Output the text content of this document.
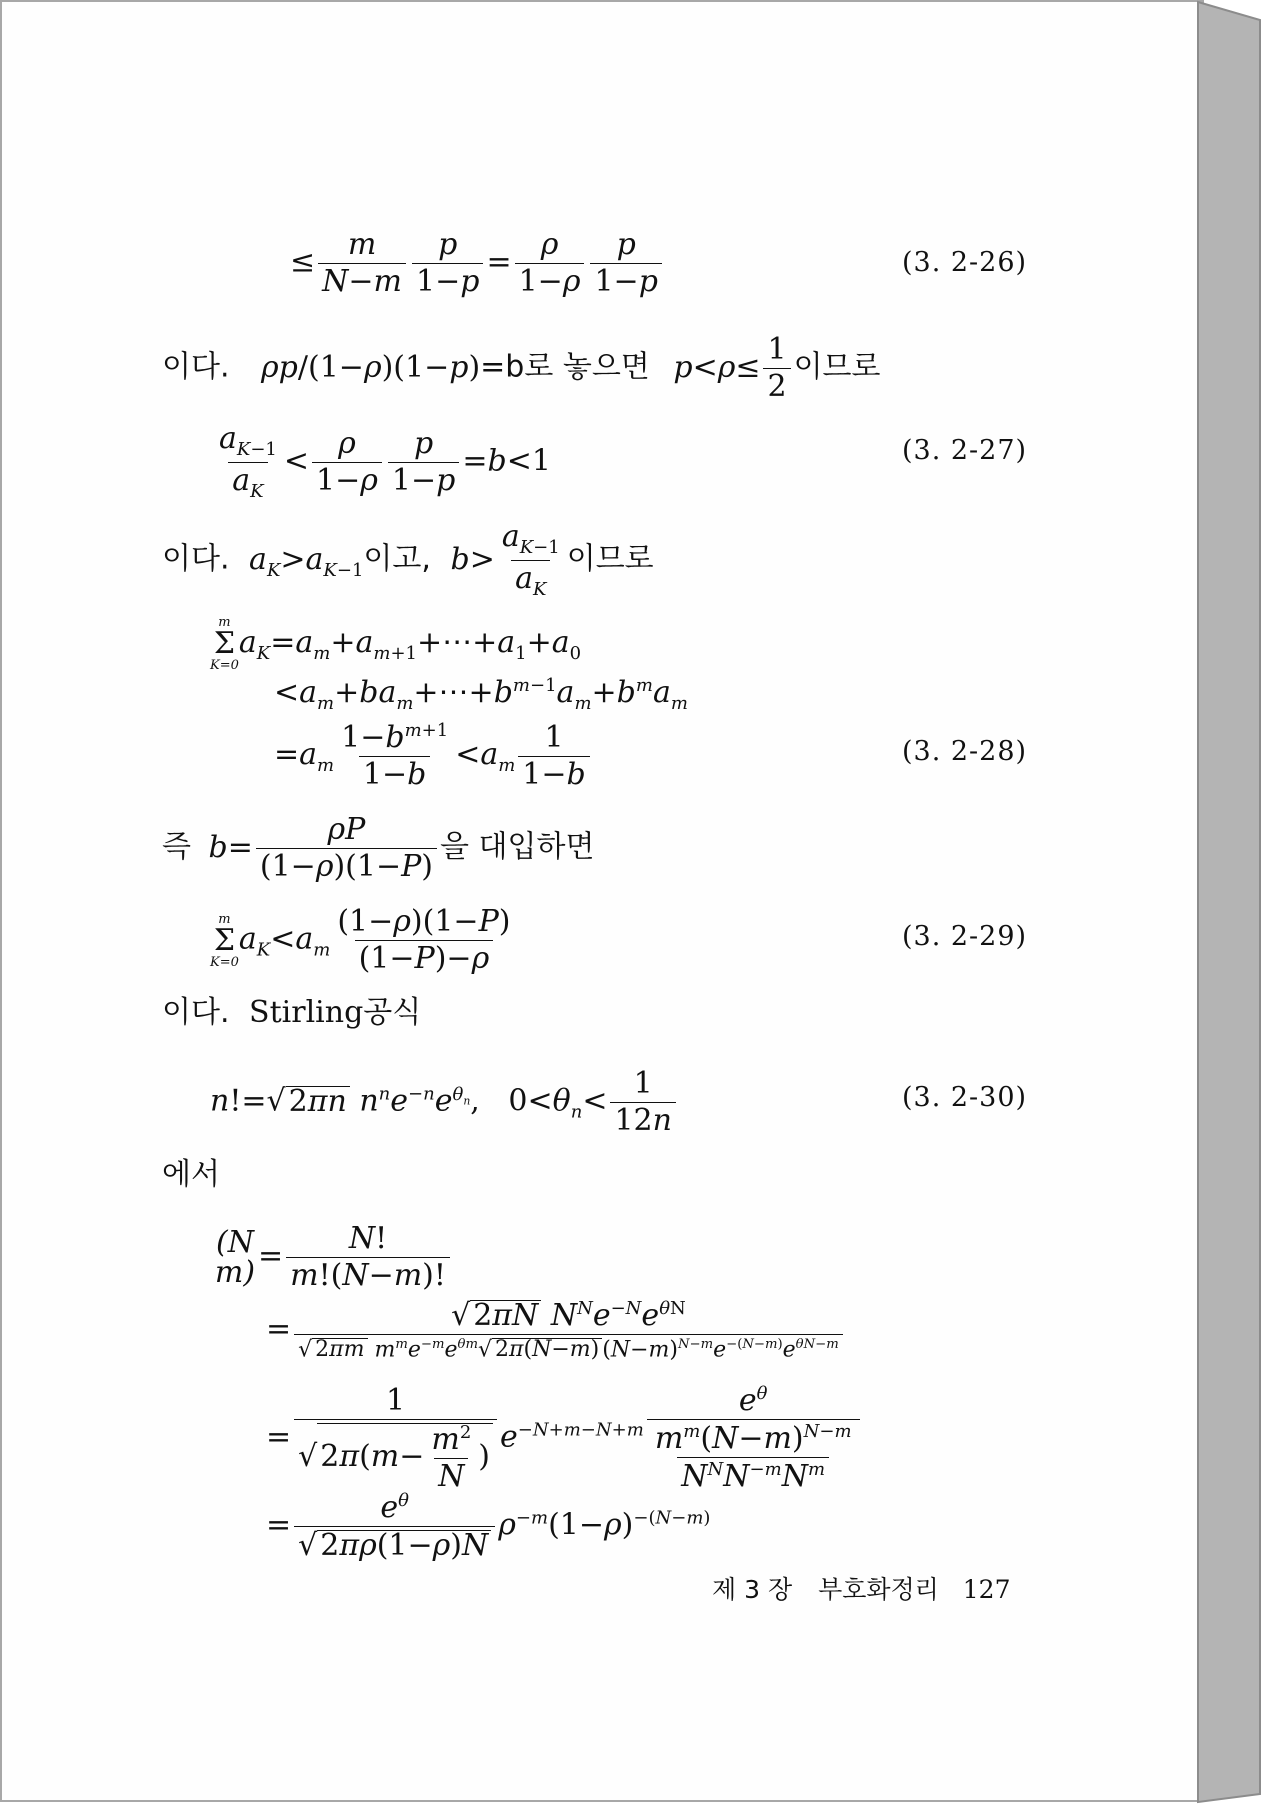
≤ $\frac{m}{N-m} \frac{p}{1-p} = \frac{\rho}{1-\rho} \frac{p}{1-p}$	(3. 2-26)
이다. ρp/(1−ρ)(1−p)=b로 놓으면 $p<\rho\le \frac{1}{2}$ 이므로
$\frac{a_{K-1}}{a_K} < \frac{\rho}{1-\rho} \frac{p}{1-p} =b<1$	(3. 2-27)
이다. $a_K>a_{K-1}$이고, $b> \frac{a_{K-1}}{a_K}$ 이므로
m
Σ
K=0
$a_K=a_m+a_{m+1}+\cdots+a_1+a_0$
$<a_m+ba_m+\cdots+b^{m-1}a_m+b^ma_m$
$=a_m \frac{1-b^{m+1}}{1-b} <a_m \frac{1}{1-b}$	(3. 2-28)
즉 $b= \frac{\rho P}{(1-\rho)(1-P)}$ 을 대입하면
m
Σ
K=0
$a_K<a_m \frac{(1-\rho)(1-P)}{(1-P)-\rho}$	(3. 2-29)
이다. Stirling공식
n!=√ 2πn $n^ne^{-n}e^{\theta_n}$,   $0<\theta_n< \frac{1}{12n}$	(3. 2-30)
에서
(N
$m) = \frac{N!}{m!(N-m)!}$
= $\frac{√ 2\pi N N^Ne^{-N}e^{\theta N}}{√ 2\pi m m^me^{-m}e^{\theta m}√ 2\pi(N-m) (N-m)^{N-m}e^{-(N-m)}e^{\theta N-m}}$
= $\frac{1}{√ 2\pi(m- \frac{m^2}{N} )} e^{-N+m-N+m} \frac{e^\theta}{\frac{m^m(N-m)^{N-m}}{N^NN^{-m}N^m}}$
= $\frac{e^\theta}{√ 2\pi\rho(1-\rho)N} \rho^{-m}(1-\rho)^{-(N-m)}$
제 3 장 부호화정리 127
